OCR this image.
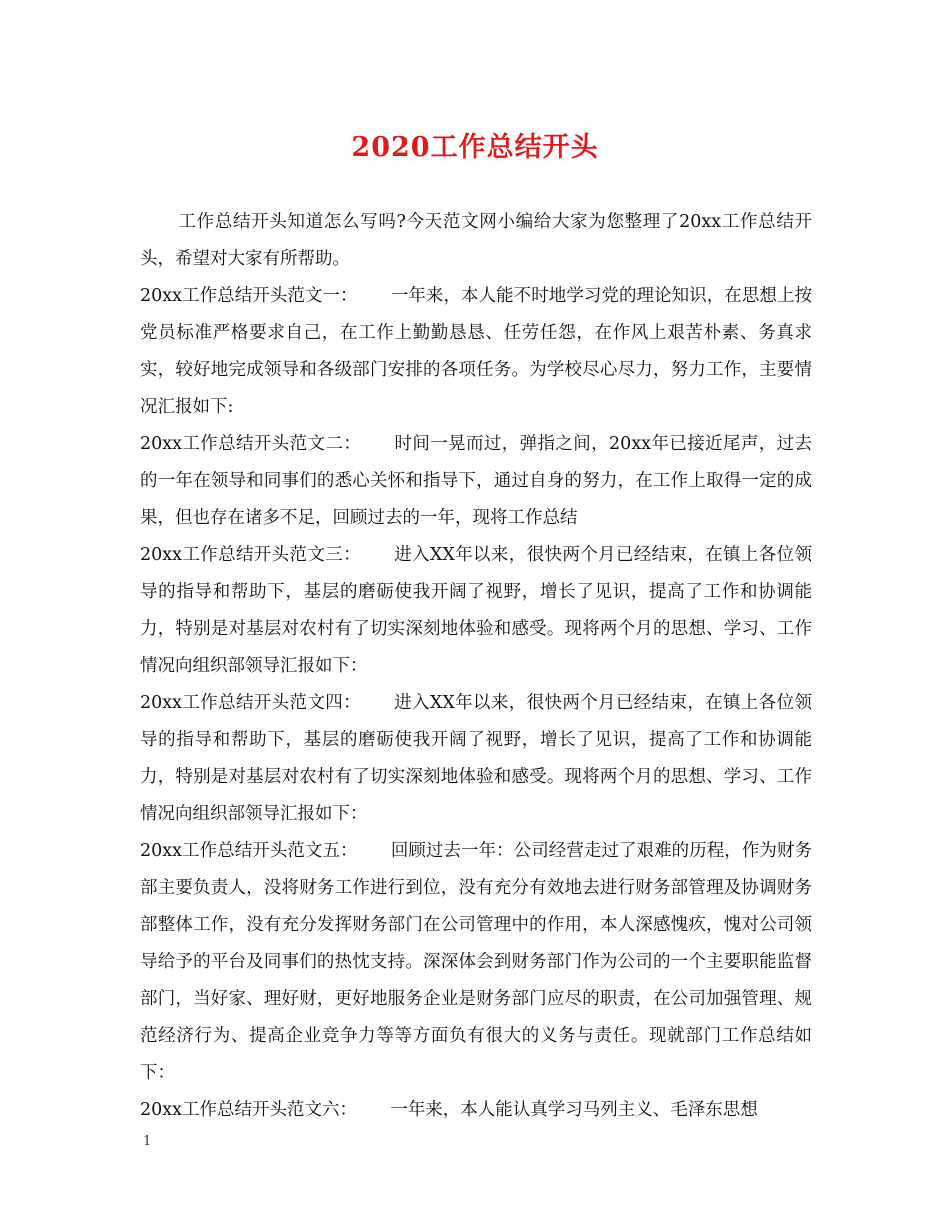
2020工作总结开头

工作总结开头知道怎么写吗?今天范文网小编给大家为您整理了20xx工作总结开头，希望对大家有所帮助。

20xx工作总结开头范文一： 一年来，本人能不时地学习党的理论知识，在思想上按党员标准严格要求自己，在工作上勤勤恳恳、任劳任怨，在作风上艰苦朴素、务真求实，较好地完成领导和各级部门安排的各项任务。为学校尽心尽力，努力工作，主要情况汇报如下:

20xx工作总结开头范文二： 时间一晃而过，弹指之间，20xx年已接近尾声，过去的一年在领导和同事们的悉心关怀和指导下，通过自身的努力，在工作上取得一定的成果，但也存在诸多不足，回顾过去的一年，现将工作总结

20xx工作总结开头范文三： 进入XX年以来，很快两个月已经结束，在镇上各位领导的指导和帮助下，基层的磨砺使我开阔了视野，增长了见识，提高了工作和协调能力，特别是对基层对农村有了切实深刻地体验和感受。现将两个月的思想、学习、工作情况向组织部领导汇报如下：

20xx工作总结开头范文四： 进入XX年以来，很快两个月已经结束，在镇上各位领导的指导和帮助下，基层的磨砺使我开阔了视野，增长了见识，提高了工作和协调能力，特别是对基层对农村有了切实深刻地体验和感受。现将两个月的思想、学习、工作情况向组织部领导汇报如下：

20xx工作总结开头范文五： 回顾过去一年：公司经营走过了艰难的历程，作为财务部主要负责人，没将财务工作进行到位，没有充分有效地去进行财务部管理及协调财务部整体工作，没有充分发挥财务部门在公司管理中的作用，本人深感愧疚，愧对公司领导给予的平台及同事们的热忱支持。深深体会到财务部门作为公司的一个主要职能监督部门，当好家、理好财，更好地服务企业是财务部门应尽的职责，在公司加强管理、规范经济行为、提高企业竞争力等等方面负有很大的义务与责任。现就部门工作总结如下：

20xx工作总结开头范文六： 一年来，本人能认真学习马列主义、毛泽东思想

1
